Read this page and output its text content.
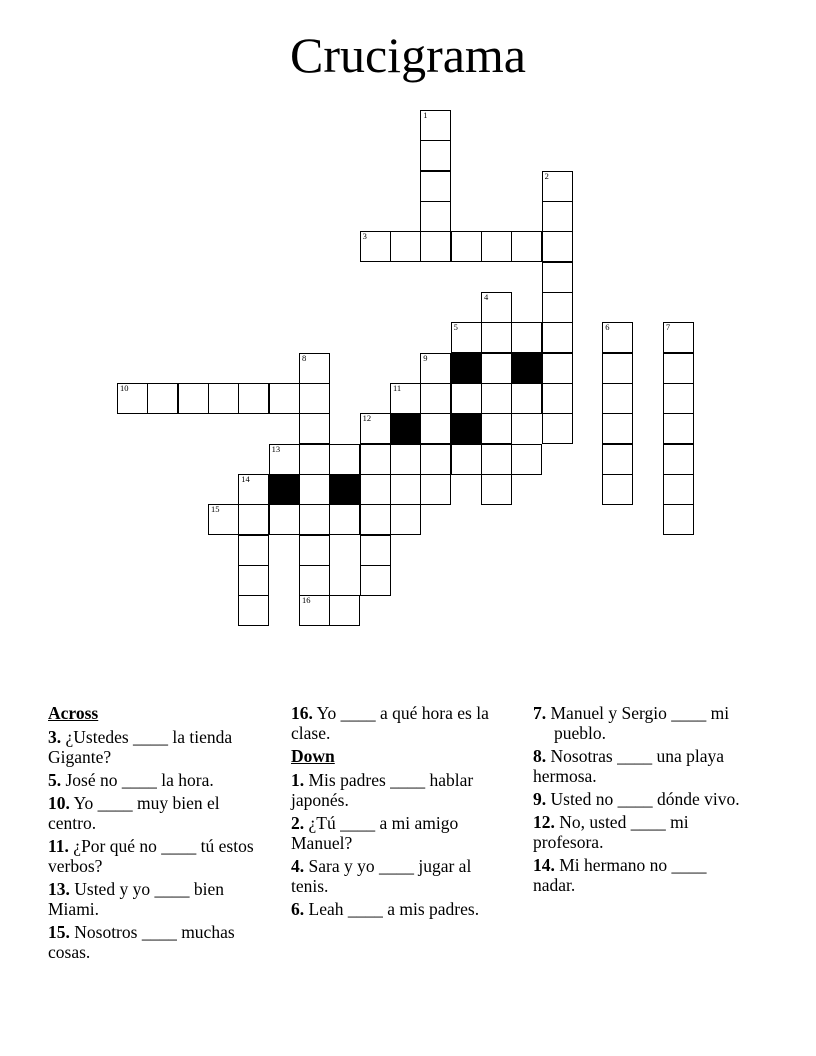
Crucigrama
1
2
3
4
5	6	7
8
16
9
10	11
12
13
14
15
Across
3. ¿Ustedes ____ la tienda Gigante?
5. José no ____ la hora.
10. Yo ____ muy bien el centro.
11. ¿Por qué no ____ tú estos verbos?
13. Usted y yo ____ bien Miami.
15. Nosotros ____ muchas cosas.
16. Yo ____ a qué hora es la clase.
Down
1. Mis padres ____ hablar japonés.
2. ¿Tú ____ a mi amigo Manuel?
4. Sara y yo ____ jugar al tenis.
6. Leah ____ a mis padres.
7. Manuel y Sergio ____ mi pueblo.
8. Nosotras ____ una playa hermosa.
9. Usted no ____ dónde vivo.
12. No, usted ____ mi profesora.
14. Mi hermano no ____ nadar.
